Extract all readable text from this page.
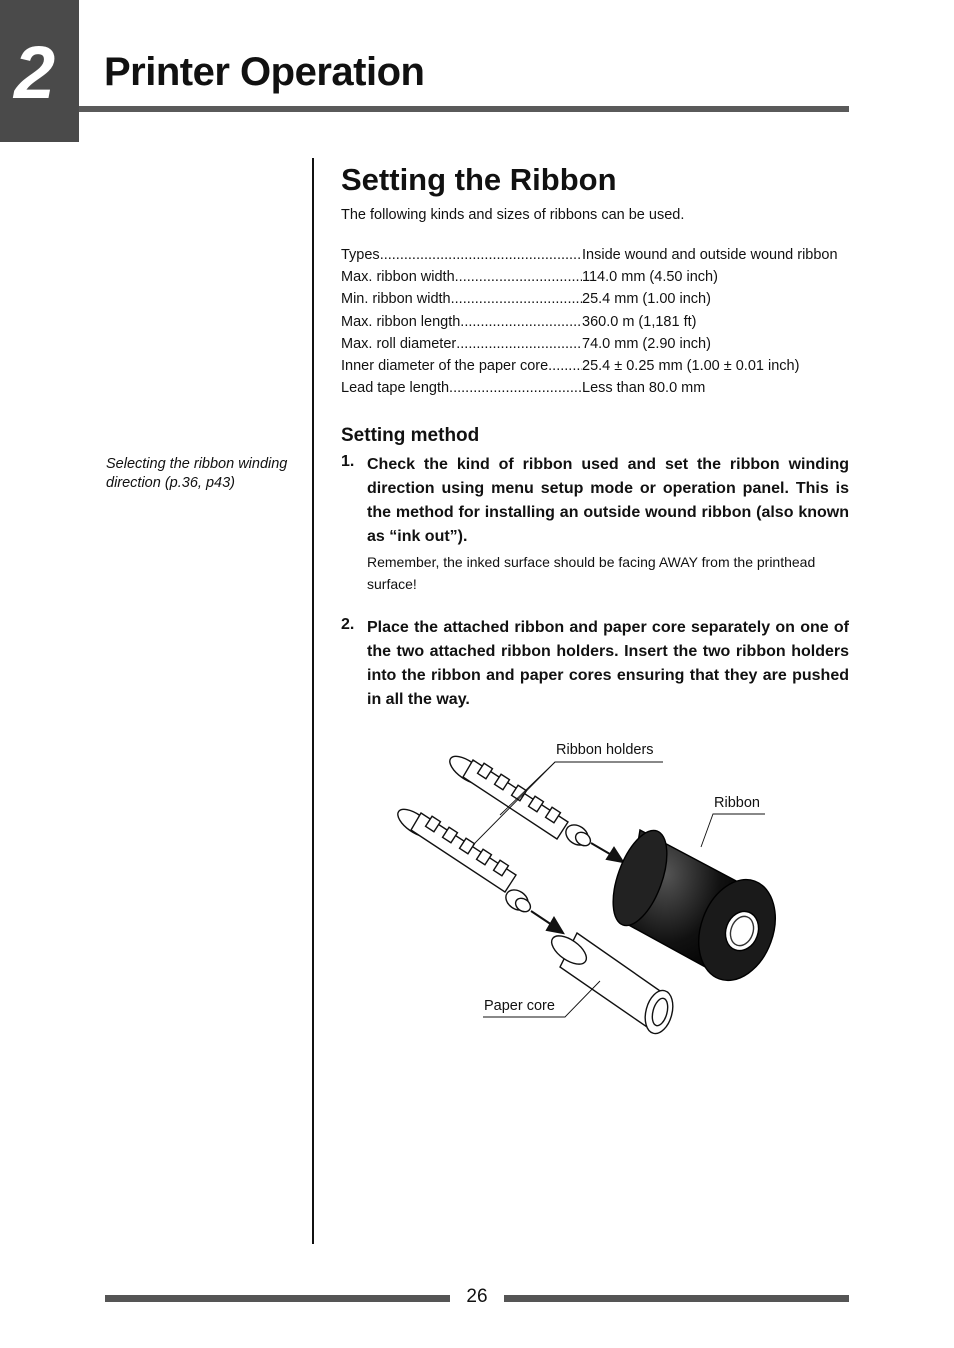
2 Printer Operation
Selecting the ribbon winding direction (p.36, p43)
Setting the Ribbon
The following kinds and sizes of ribbons can be used.
Types .....	Inside wound and outside wound ribbon
Max. ribbon width .....	114.0 mm (4.50 inch)
Min. ribbon width .....	25.4 mm (1.00 inch)
Max. ribbon length .....	360.0 m (1,181 ft)
Max. roll diameter .....	74.0 mm (2.90 inch)
Inner diameter of the paper core ..... 25.4 ± 0.25 mm (1.00 ± 0.01 inch)
Lead tape length .....	Less than 80.0 mm
Setting method
1. Check the kind of ribbon used and set the ribbon winding direction using menu setup mode or operation panel. This is the method for installing an outside wound ribbon (also known as “ink out”).
Remember, the inked surface should be facing AWAY from the printhead surface!
2. Place the attached ribbon and paper core separately on one of the two attached ribbon holders. Insert the two ribbon holders into the ribbon and paper cores ensuring that they are pushed in all the way.
Ribbon holders
Ribbon
Paper core
26
